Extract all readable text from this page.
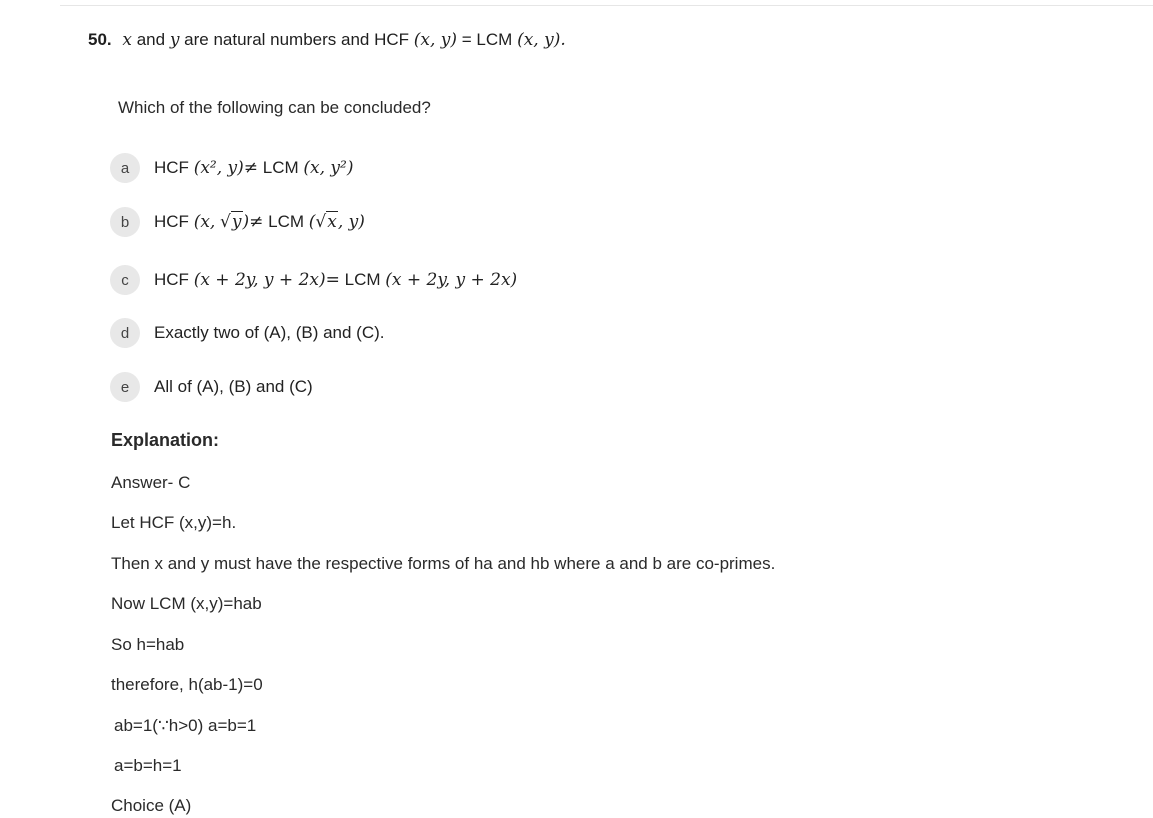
50. x and y are natural numbers and HCF (x, y) = LCM (x, y).
Which of the following can be concluded?
a	HCF (x², y)≠ LCM (x, y²)
b	HCF (x, √y)≠ LCM (√x, y)
c	HCF (x + 2y, y + 2x)= LCM (x + 2y, y + 2x)
d	Exactly two of (A), (B) and (C).
e	All of (A), (B) and (C)
Explanation:
Answer- C
Let HCF (x,y)=h.
Then x and y must have the respective forms of ha and hb where a and b are co-primes.
Now LCM (x,y)=hab
So h=hab
therefore, h(ab-1)=0
ab=1(∵h>0) a=b=1
a=b=h=1
Choice (A)
